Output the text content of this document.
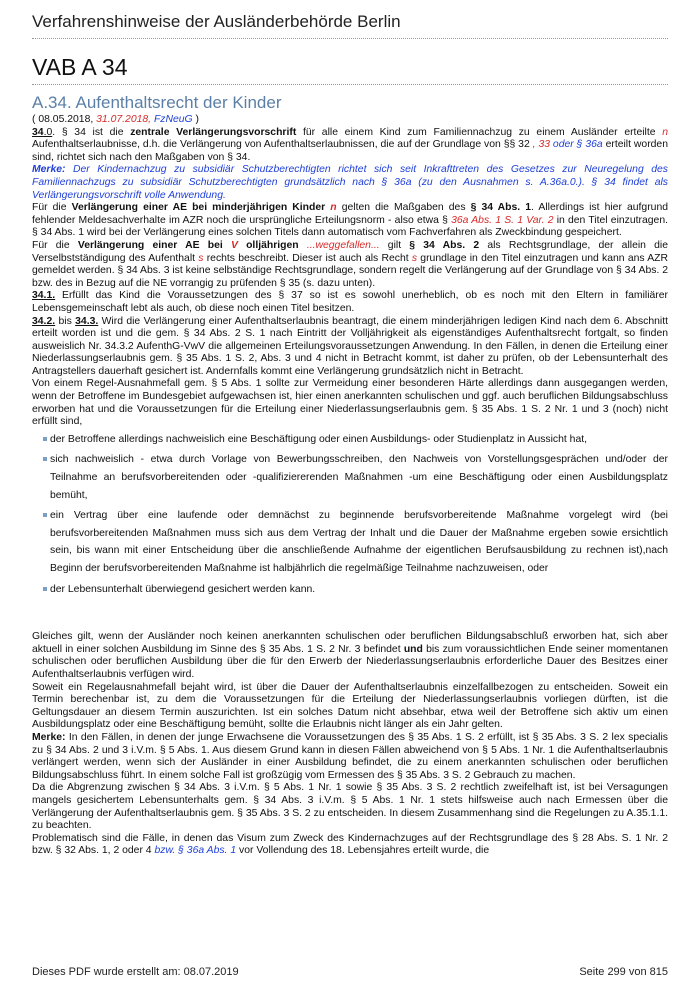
Verfahrenshinweise der Ausländerbehörde Berlin
VAB A 34
A.34. Aufenthaltsrecht der Kinder

( 08.05.2018, 31.07.2018, FzNeuG )

34.0. § 34 ist die zentrale Verlängerungsvorschrift für alle einem Kind zum Familiennachzug zu einem Ausländer erteilte n Aufenthaltserlaubnisse, d.h. die Verlängerung von Aufenthaltserlaubnissen, die auf der Grundlage von §§ 32 , 33 oder § 36a erteilt worden sind, richtet sich nach den Maßgaben von § 34.

Merke: Der Kindernachzug zu subsidiär Schutzberechtigten richtet sich seit Inkrafttreten des Gesetzes zur Neuregelung des Familiennachzugs zu subsidiär Schutzberechtigten grundsätzlich nach § 36a (zu den Ausnahmen s. A.36a.0.). § 34 findet als Verlängerungsvorschrift volle Anwendung.

Für die Verlängerung einer AE bei minderjährigen Kinder n gelten die Maßgaben des § 34 Abs. 1. Allerdings ist hier aufgrund fehlender Meldesachverhalte im AZR noch die ursprüngliche Erteilungsnorm - also etwa § 36a Abs. 1 S. 1 Var. 2 in den Titel einzutragen. § 34 Abs. 1 wird bei der Verlängerung eines solchen Titels dann automatisch vom Fachverfahren als Zweckbindung gespeichert.

Für die Verlängerung einer AE bei V olljährigen ...weggefallen... gilt § 34 Abs. 2 als Rechtsgrundlage, der allein die Verselbstständigung des Aufenthalt s rechts beschreibt. Dieser ist auch als Recht s grundlage in den Titel einzutragen und kann ans AZR gemeldet werden. § 34 Abs. 3 ist keine selbständige Rechtsgrundlage, sondern regelt die Verlängerung auf der Grundlage von § 34 Abs. 2 bzw. des in Bezug auf die NE vorrangig zu prüfenden § 35 (s. dazu unten).

34.1. Erfüllt das Kind die Voraussetzungen des § 37 so ist es sowohl unerheblich, ob es noch mit den Eltern in familiärer Lebensgemeinschaft lebt als auch, ob diese noch einen Titel besitzen.

34.2. bis 34.3. Wird die Verlängerung einer Aufenthaltserlaubnis beantragt, die einem minderjährigen ledigen Kind nach dem 6. Abschnitt erteilt worden ist und die gem. § 34 Abs. 2 S. 1 nach Eintritt der Volljährigkeit als eigenständiges Aufenthaltsrecht fortgalt, so finden ausweislich Nr. 34.3.2 AufenthG-VwV die allgemeinen Erteilungsvoraussetzungen Anwendung. In den Fällen, in denen die Erteilung einer Niederlassungserlaubnis gem. § 35 Abs. 1 S. 2, Abs. 3 und 4 nicht in Betracht kommt, ist daher zu prüfen, ob der Lebensunterhalt des Antragstellers dauerhaft gesichert ist. Andernfalls kommt eine Verlängerung grundsätzlich nicht in Betracht.

Von einem Regel-Ausnahmefall gem. § 5 Abs. 1 sollte zur Vermeidung einer besonderen Härte allerdings dann ausgegangen werden, wenn der Betroffene im Bundesgebiet aufgewachsen ist, hier einen anerkannten schulischen und ggf. auch beruflichen Bildungsabschluss erworben hat und die Voraussetzungen für die Erteilung einer Niederlassungserlaubnis gem. § 35 Abs. 1 S. 2 Nr. 1 und 3 (noch) nicht erfüllt sind,

der Betroffene allerdings nachweislich eine Beschäftigung oder einen Ausbildungs- oder Studienplatz in Aussicht hat,
sich nachweislich - etwa durch Vorlage von Bewerbungsschreiben, den Nachweis von Vorstellungsgesprächen und/oder der Teilnahme an berufsvorbereitenden oder -qualifiziererenden Maßnahmen -um eine Beschäftigung oder einen Ausbildungsplatz bemüht,
ein Vertrag über eine laufende oder demnächst zu beginnende berufsvorbereitende Maßnahme vorgelegt wird (bei berufsvorbereitenden Maßnahmen muss sich aus dem Vertrag der Inhalt und die Dauer der Maßnahme ergeben sowie ersichtlich sein, bis wann mit einer Entscheidung über die anschließende Aufnahme der eigentlichen Berufsausbildung zu rechnen ist),nach Beginn der berufsvorbereitenden Maßnahme ist halbjährlich die regelmäßige Teilnahme nachzuweisen, oder
der Lebensunterhalt überwiegend gesichert werden kann.

Gleiches gilt, wenn der Ausländer noch keinen anerkannten schulischen oder beruflichen Bildungsabschluß erworben hat, sich aber aktuell in einer solchen Ausbildung im Sinne des § 35 Abs. 1 S. 2 Nr. 3 befindet und bis zum voraussichtlichen Ende seiner momentanen schulischen oder beruflichen Ausbildung über die für den Erwerb der Niederlassungserlaubnis erforderliche Dauer des Besitzes einer Aufenthaltserlaubnis verfügen wird.

Soweit ein Regelausnahmefall bejaht wird, ist über die Dauer der Aufenthaltserlaubnis einzelfallbezogen zu entscheiden. Soweit ein Termin berechenbar ist, zu dem die Voraussetzungen für die Erteilung der Niederlassungserlaubnis vorliegen dürften, ist die Geltungsdauer an diesem Termin auszurichten. Ist ein solches Datum nicht absehbar, etwa weil der Betroffene sich aktiv um einen Ausbildungsplatz oder eine Beschäftigung bemüht, sollte die Erlaubnis nicht länger als ein Jahr gelten.

Merke: In den Fällen, in denen der junge Erwachsene die Voraussetzungen des § 35 Abs. 1 S. 2 erfüllt, ist § 35 Abs. 3 S. 2 lex specialis zu § 34 Abs. 2 und 3 i.V.m. § 5 Abs. 1. Aus diesem Grund kann in diesen Fällen abweichend von § 5 Abs. 1 Nr. 1 die Aufenthaltserlaubnis verlängert werden, wenn sich der Ausländer in einer Ausbildung befindet, die zu einem anerkannten schulischen oder beruflichen Bildungsabschluss führt. In einem solche Fall ist großzügig vom Ermessen des § 35 Abs. 3 S. 2 Gebrauch zu machen.

Da die Abgrenzung zwischen § 34 Abs. 3 i.V.m. § 5 Abs. 1 Nr. 1 sowie § 35 Abs. 3 S. 2 rechtlich zweifelhaft ist, ist bei Versagungen mangels gesichertem Lebensunterhalts gem. § 34 Abs. 3 i.V.m. § 5 Abs. 1 Nr. 1 stets hilfsweise auch nach Ermessen über die Verlängerung der Aufenthaltserlaubnis gem. § 35 Abs. 3 S. 2 zu entscheiden. In diesem Zusammenhang sind die Regelungen zu A.35.1.1. zu beachten.

Problematisch sind die Fälle, in denen das Visum zum Zweck des Kindernachzuges auf der Rechtsgrundlage des § 28 Abs. S. 1 Nr. 2 bzw. § 32 Abs. 1, 2 oder 4 bzw. § 36a Abs. 1 vor Vollendung des 18. Lebensjahres erteilt wurde, die

Dieses PDF wurde erstellt am: 08.07.2019	Seite 299 von 815
